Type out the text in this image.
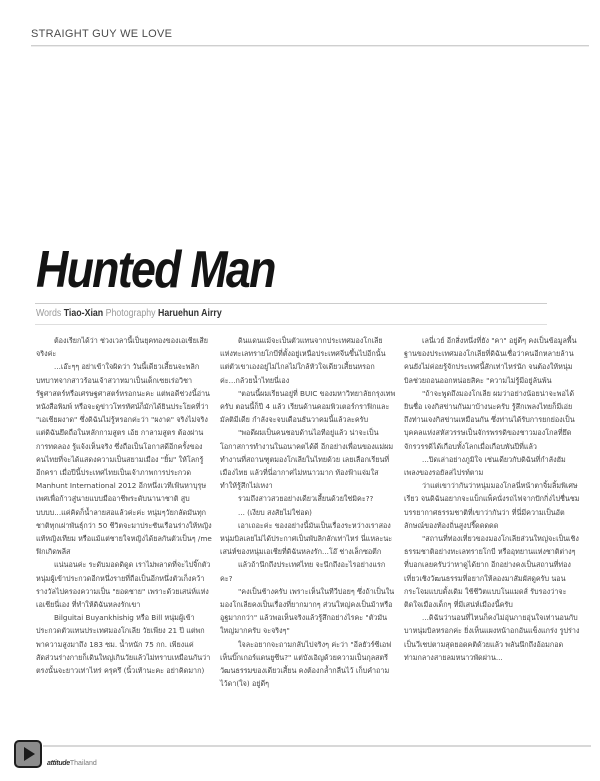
STRAIGHT GUY WE LOVE
Hunted Man
Words Tiao-Xian Photography Haruehun Airry

ต้องเรียกได้ว่า ช่วงเวลานี้เป็นยุคทองของเอเชียเสียจริงค่ะ

...เอ๊ะๆๆ อย่าเข้าใจผิดว่า วันนี้เดียวเสี้ยนจะพลิกบทบาทจากสาวร้อนเจ้าสวาทมาเป็นเด็กเซยเร่อวิชารัฐศาสตร์หรือเศรษฐศาสตร์หรอกนะคะ แต่พอดีช่วงนี้อ่านหนังสือพิมพ์ หรือจะดูข่าวโทรทัศน์ก็มักได้ยินประโยคที่ว่า "เอเชียผงาด" ซึ่งดิฉันไม่รู้หรอกค่ะว่า "ผงาด" จริงไม่จริง แต่ดิฉันยึดถือในหลักกามสูตร เอ้ย กาลามสูตร ต้องผ่านการทดลอง รู้แจ้งเห็นจริง ซึ่งถือเป็นโอกาสดีอีกครั้งของคนไทยที่จะได้แสดงความเป็นสยามเมือง "ยิ้ม" ให้โลกรู้อีกครา เมื่อปีนี้ประเทศไทยเป็นเจ้าภาพการประกวด Manhunt International 2012 อีกหนึ่งเวทีเฟ้นหาบุรุษเพศเพื่อก้าวสู่นายแบบมืออาชีพระดับนานาชาติ สูบบบบบ...แค่คิดก็น้ำลายสอแล้วค่ะค่ะ หนุ่มๆวัยกลัดมันทุกชาติทุกเผ่าพันธุ์กว่า 50 ชีวิตจะมาประชันเรือนร่างให้หญิงแท้หญิงเทียม หรือแม้แต่ชายใจหญิงได้ยลกันตัวเป็นๆ /me ฟิกเกิดพลีส

แน่นอนค่ะ ระดับมอดดิดูด เราไม่พลาดที่จะไปจิ๊กตัวหนุ่มผู้เข้าประกวดอีกหนึ่งรายที่ถือเป็นอีกหนึ่งตัวเก็งคว้ารางวัลไปครองความเป็น "ยอดชาย" เพราะด้วยเสน่ห์แห่งเอเชียนี่เอง ที่ทำให้ดิฉันหลงรักเขา

Bilguitai Buyankhishig หรือ Bill หนุ่มผู้เข้าประกวดตัวแทนประเทศมองโกเลีย วัยเพียง 21 ปี แต่พกพาความสูงมาถึง 183 ซม. น้ำหนัก 75 กก. เพียงแค่สัดส่วนร่างกายก็เดินใหญ่เกินวัยแล้วไม่ทราบเหมือนกันว่าตรงนั้นจะยาวเท่าไหร่ ครุครึ (นิ้วเท้านะคะ อย่าคิดมาก)

ดินแดนแม้จะเป็นตัวแทนจากประเทศมองโกเลีย แห่งทะเลทรายโกบีที่ตั้งอยู่เหนือประเทศจีนขึ้นไปอีกนั้น แต่ตัวเขาเองอยู่ไม่ไกลไม่ใกล้หัวใจเดียวเสี้ยนหรอกค่ะ...กล้วยน้ำไทยนี่เอง

"ตอนนี้ผมเรียนอยู่ที่ BUIC ของมหาวิทยาลัยกรุงเทพครับ ตอนนี้ก็ปี 4 แล้ว เรียนด้านคอมพิวเตอร์กราฟิกและมัลติมีเดีย กำลังจะจบเดือนธันวาคมนี้แล้วละครับ

"พอดีผมเป็นคนชอบด้านไอทีอยู่แล้ว น่าจะเป็นโอกาสการทำงานในอนาคตได้ดี อีกอย่างเพื่อนของแม่ผมทำงานที่สถานฑูตมองโกเลียในไทยด้วย เลยเลือกเรียนที่เมืองไทย แล้วที่นี่อากาศไม่หนาวมาก ท้องฟ้าแจ่มใส ทำให้รู้สึกไม่เหงา

รวมถึงสาวสวยอย่างเดียวเสี้ยนด้วยใช่มิคะ??

... (เงียบ สงสัยไม่ใช่อด)

เอาเถอะค่ะ ของอย่างนี้มันเป็นเรื่องระหว่างเราสอง หนุ่มบิลเลยไม่ได้ประกาศเป็นพับลิกลักเท่าไหร่ นี่แหละนะ เสน่ห์ของหนุ่มเอเชียที่ดิฉันหลงรัก...โอ๊ ช่างเล็กซอตีก

แล้วถ้านึกถึงประเทศไทย จะนึกถึงอะไรอย่างแรกคะ?

"คงเป็นช้างครับ เพราะเห็นในทีวีบ่อยๆ ซึ่งถ้าเป็นในมองโกเลียคงเป็นเรื่องที่ยากมากๆ ส่วนใหญ่คงเป็นม้าหรืออูฐมากกว่า" แล้วพอเห็นจริงแล้วรู้สึกอย่างไรคะ "ตัวมันใหญ่มากครับ จะจริงๆ"

ใจละอยากจะถามกลับไปจริงๆ ค่ะว่า "อีลยัวร์ซีเอฟเห็นบิ๊กเกอร์แดนยูซีน?" แต่บังเอิญด้วยความเป็นกุลสตรีวัฒนธรรมของเดียวเสี้ยน คงต้องกล้ำกลืนไว้ เก็บคำถามไว้ดา(ใจ) อยู่ดีๆ

เลนี่เวย์ อีกสิ่งหนึ่งที่ยัง "คา" อยู่ดีๆ คงเป็นข้อมูลพื้นฐานของประเทศมองโกเลียที่ดิฉันเชื่อว่าคนอีกหลายล้านคนยังไม่ค่อยรู้จักประเทศนี้สักเท่าไหร่นัก จนต้องให้หนุ่มบิลช่วยถอนออกหน่อยสิคะ "ความไม่รู้มีอยู่ล้นพ้น

"ถ้าจะพูดถึงมองโกเลีย ผมว่าอย่างน้อยน่าจะพอได้ยินชื่อ เจงกิสข่านกันมาบ้างนะครับ รู้สึกเพลงไทยก็มีเอ่ยถึงท่านเจงกิสข่านเหมือนกัน ซึ่งท่านได้รับการยกย่องเป็นบุคคลแห่งสหัสวรรษเป็นจักรพรรดิของชาวมองโกลที่ยึดจักรวรรดิได้เกือบทั้งโลกเมื่อเกือบพันปีที่แล้ว

...ปิดเล่าอย่างภูมิใจ เช่นเดียวกับดิฉันที่กำลังฮัมเพลงของรอยัลสไปรท์ตาม

ว่าแต่เขาว่ากันว่าหนุ่มมองโกลนี่หน้าตาจิ้มลิ้มพิเศษเรียว จนดิฉันอยากจะแบ็กแพ็คนั่งรถไฟจากปักกิ่งไปชื่นชมบรรยากาศธรรมชาติที่เขาว่ากันว่า ที่นี่มีความเป็นอัตลักษณ์ของท้องถิ่นสูงปรี๊ดดดดด

"สถานที่ท่องเที่ยวของมองโกเลียส่วนใหญ่จะเป็นเชิงธรรมชาติอย่างทะเลทรายโกบี หรืออุทยานแห่งชาติต่างๆ ที่บอกเลยครับว่าหาดูได้ยาก อีกอย่างคงเป็นสถานที่ท่องเที่ยวเชิงวัฒนธรรมที่อยากให้ลองมาสัมผัสดูครับ นอนกระโจมแบบดั้งเดิม ใช้ชีวิตแบบโนแมดส์ รับรองว่าจะติดใจเมืองเด็กๆ ที่มีเสน่ห์เมืองนี้ครับ

...ดิฉันว่านอนที่ไหนก็คงไม่อุ่นกายอุ่นใจเท่านอนกับบาหนุ่มบิลหรอกค่ะ ยิ่งเห็นแผงหน้าอกอันแข็งแกร่ง รูปร่างเป็นวีเชปตามสุดยอดคติด้วยแล้ว พลันนึกถึงอ้อมกอดท่ามกลางสายลมหนาวพัดผ่าน...

attitudeThailand
